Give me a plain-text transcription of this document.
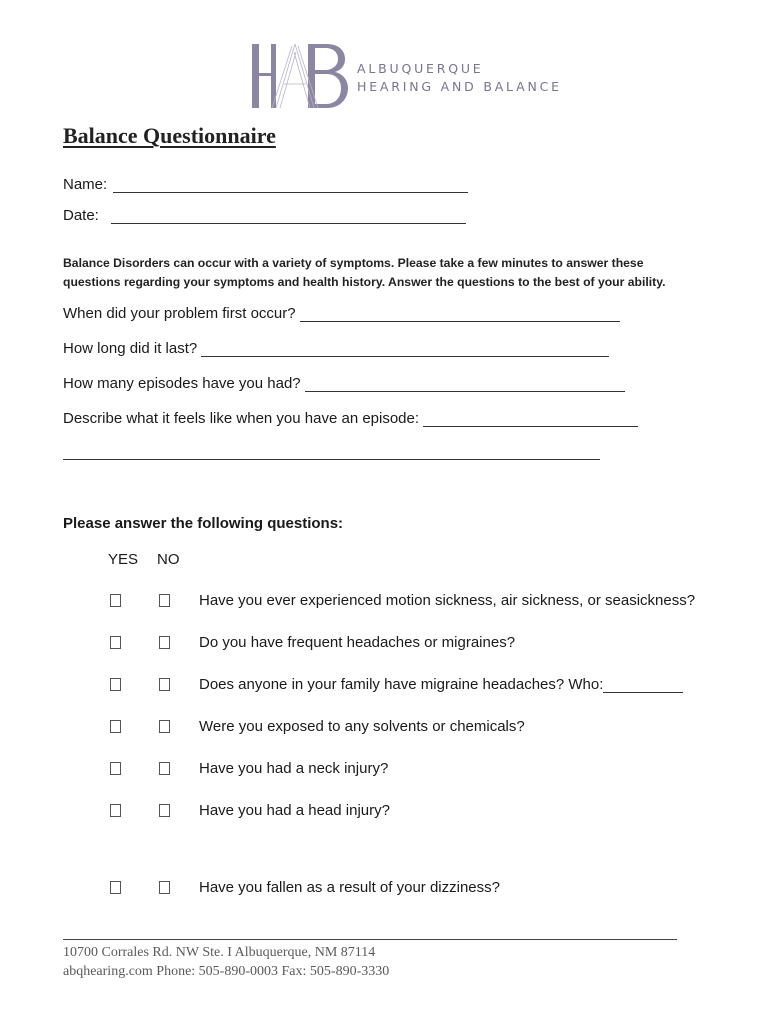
ALBUQUERQUE
HEARING AND BALANCE
Balance Questionnaire
Name:
Date:
Balance Disorders can occur with a variety of symptoms. Please take a few minutes to answer these questions regarding your symptoms and health history. Answer the questions to the best of your ability.
When did your problem first occur?
How long did it last?
How many episodes have you had?
Describe what it feels like when you have an episode:
Please answer the following questions:
YES NO
Have you ever experienced motion sickness, air sickness, or seasickness?
Do you have frequent headaches or migraines?
Does anyone in your family have migraine headaches? Who:
Were you exposed to any solvents or chemicals?
Have you had a neck injury?
Have you had a head injury?
Have you fallen as a result of your dizziness?
10700 Corrales Rd. NW Ste. I Albuquerque, NM 87114
abqhearing.com Phone: 505-890-0003 Fax: 505-890-3330
